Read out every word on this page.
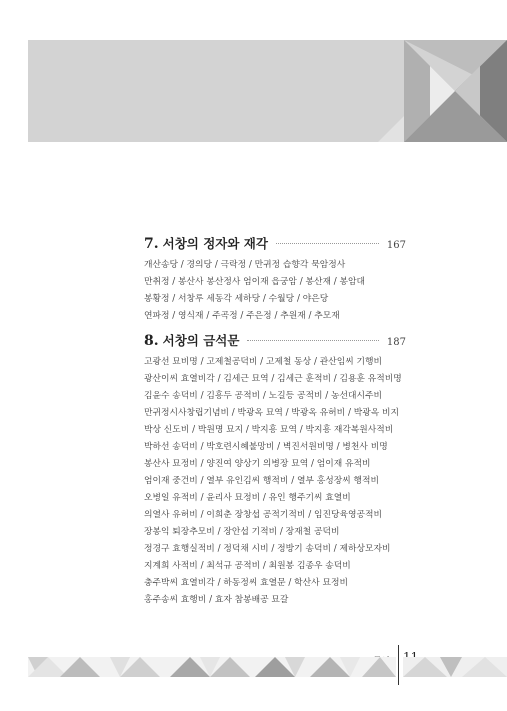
7. 서창의 정자와 재각	167
개산송당 / 경의당 / 극락정 / 만귀정 습향각 묵암정사
만취정 / 봉산사 봉산정사 엄이재 읍궁암 / 봉산재 / 봉암대
봉황정 / 서창루 세동각 세하당 / 수월당 / 야은당
연파정 / 영식재 / 주곡정 / 주은정 / 추원재 / 추모재
8. 서창의 금석문	187
고광선 묘비명 / 고제철공덕비 / 고제철 동상 / 관산임씨 기행비
광산이씨 효열비각 / 김세근 묘역 / 김세근 훈적비 / 김용훈 유적비명
김윤수 송덕비 / 김흥두 공적비 / 노길등 공적비 / 농선대시주비
만귀정시사창립기념비 / 박광옥 묘역 / 박광옥 유허비 / 박광옥 비지
박상 신도비 / 박원명 묘지 / 박지흥 묘역 / 박지흥 재각복원사적비
박하선 송덕비 / 박호련시혜불망비 / 벽진서원비명 / 병천사 비명
봉산사 묘정비 / 양진여 양상기 의병장 묘역 / 엄이재 유적비
엄이재 중건비 / 열부 유인김씨 행적비 / 열부 홍성장씨 행적비
오병일 유적비 / 윤리사 묘정비 / 유인 행주기씨 효열비
의열사 유허비 / 이희춘 장창섭 공적기적비 / 임진당육영공적비
장봉익 퇴장추모비 / 장안섭 기적비 / 장재철 공덕비
정경구 효행실적비 / 정덕채 시비 / 정방기 송덕비 / 제하상모자비
지계희 사적비 / 최석규 공적비 / 최원봉 김종우 송덕비
충주박씨 효열비각 / 하동정씨 효열문 / 학산사 묘정비
홍주송씨 효행비 / 효자 참봉배공 묘갈
